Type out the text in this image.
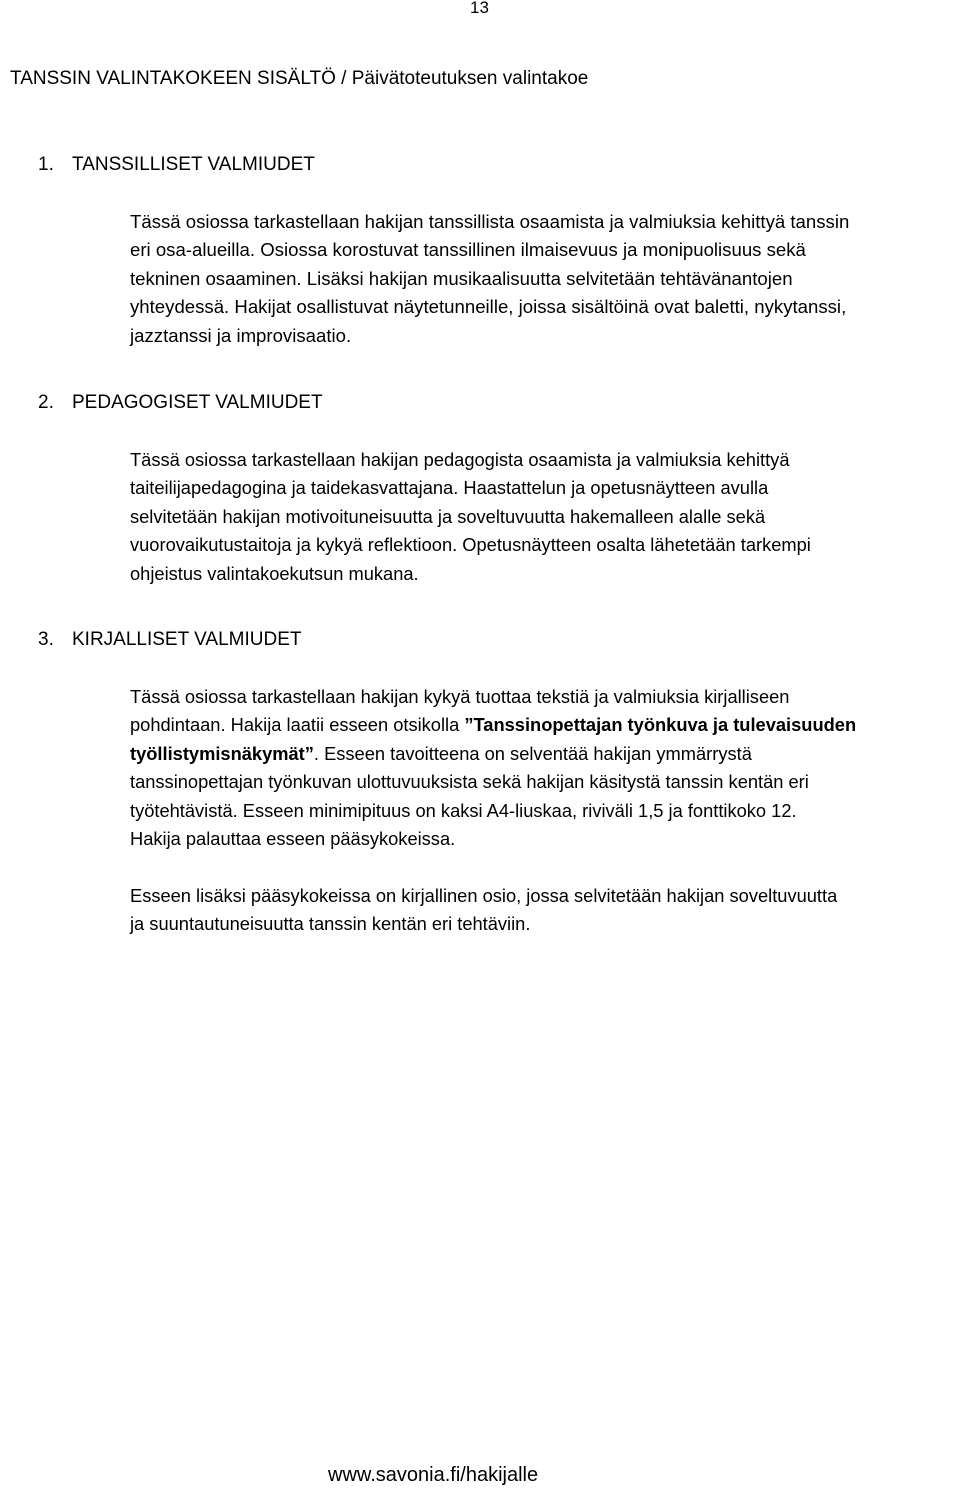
13
TANSSIN VALINTAKOKEEN SISÄLTÖ / Päivätoteutuksen valintakoe
1. TANSSILLISET VALMIUDET
Tässä osiossa tarkastellaan hakijan tanssillista osaamista ja valmiuksia kehittyä tanssin
eri osa-alueilla. Osiossa korostuvat tanssillinen ilmaisevuus ja monipuolisuus sekä
tekninen osaaminen. Lisäksi hakijan musikaalisuutta selvitetään tehtävänantojen
yhteydessä. Hakijat osallistuvat näytetunneille, joissa sisältöinä ovat baletti, nykytanssi,
jazztanssi ja improvisaatio.
2. PEDAGOGISET VALMIUDET
Tässä osiossa tarkastellaan hakijan pedagogista osaamista ja valmiuksia kehittyä
taiteilijapedagogina ja taidekasvattajana. Haastattelun ja opetusnäytteen avulla
selvitetään hakijan motivoituneisuutta ja soveltuvuutta hakemalleen alalle sekä
vuorovaikutustaitoja ja kykyä reflektioon. Opetusnäytteen osalta lähetetään tarkempi
ohjeistus valintakoekutsun mukana.
3. KIRJALLISET VALMIUDET
Tässä osiossa tarkastellaan hakijan kykyä tuottaa tekstiä ja valmiuksia kirjalliseen
pohdintaan. Hakija laatii esseen otsikolla ”Tanssinopettajan työnkuva ja tulevaisuuden
työllistymisnäkymät”. Esseen tavoitteena on selventää hakijan ymmärrystä
tanssinopettajan työnkuvan ulottuvuuksista sekä hakijan käsitystä tanssin kentän eri
työtehtävistä. Esseen minimipituus on kaksi A4-liuskaa, riviväli 1,5 ja fonttikoko 12.
Hakija palauttaa esseen pääsykokeissa.
Esseen lisäksi pääsykokeissa on kirjallinen osio, jossa selvitetään hakijan soveltuvuutta
ja suuntautuneisuutta tanssin kentän eri tehtäviin.
www.savonia.fi/hakijalle
